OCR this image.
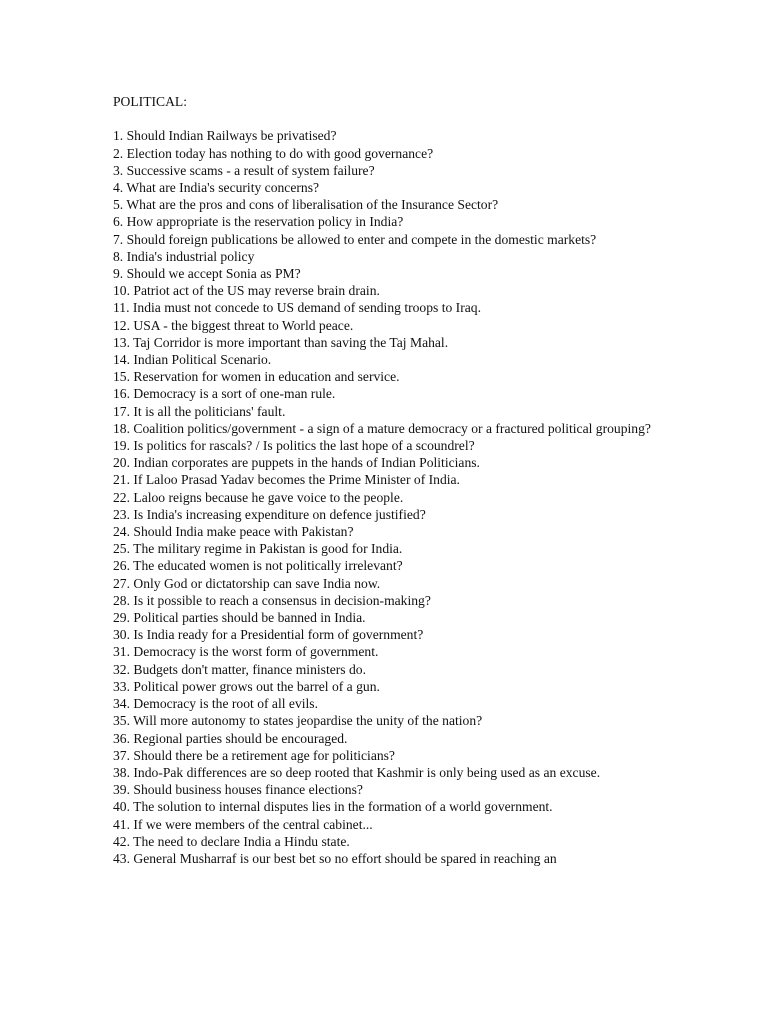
POLITICAL:
1. Should Indian Railways be privatised?
2. Election today has nothing to do with good governance?
3. Successive scams - a result of system failure?
4. What are India's security concerns?
5. What are the pros and cons of liberalisation of the Insurance Sector?
6. How appropriate is the reservation policy in India?
7. Should foreign publications be allowed to enter and compete in the domestic markets?
8. India's industrial policy
9. Should we accept Sonia as PM?
10. Patriot act of the US may reverse brain drain.
11. India must not concede to US demand of sending troops to Iraq.
12. USA - the biggest threat to World peace.
13. Taj Corridor is more important than saving the Taj Mahal.
14. Indian Political Scenario.
15. Reservation for women in education and service.
16. Democracy is a sort of one-man rule.
17. It is all the politicians' fault.
18. Coalition politics/government - a sign of a mature democracy or a fractured political grouping?
19. Is politics for rascals? / Is politics the last hope of a scoundrel?
20. Indian corporates are puppets in the hands of Indian Politicians.
21. If Laloo Prasad Yadav becomes the Prime Minister of India.
22. Laloo reigns because he gave voice to the people.
23. Is India's increasing expenditure on defence justified?
24. Should India make peace with Pakistan?
25. The military regime in Pakistan is good for India.
26. The educated women is not politically irrelevant?
27. Only God or dictatorship can save India now.
28. Is it possible to reach a consensus in decision-making?
29. Political parties should be banned in India.
30. Is India ready for a Presidential form of government?
31. Democracy is the worst form of government.
32. Budgets don't matter, finance ministers do.
33. Political power grows out the barrel of a gun.
34. Democracy is the root of all evils.
35. Will more autonomy to states jeopardise the unity of the nation?
36. Regional parties should be encouraged.
37. Should there be a retirement age for politicians?
38. Indo-Pak differences are so deep rooted that Kashmir is only being used as an excuse.
39. Should business houses finance elections?
40. The solution to internal disputes lies in the formation of a world government.
41. If we were members of the central cabinet...
42. The need to declare India a Hindu state.
43. General Musharraf is our best bet so no effort should be spared in reaching an
